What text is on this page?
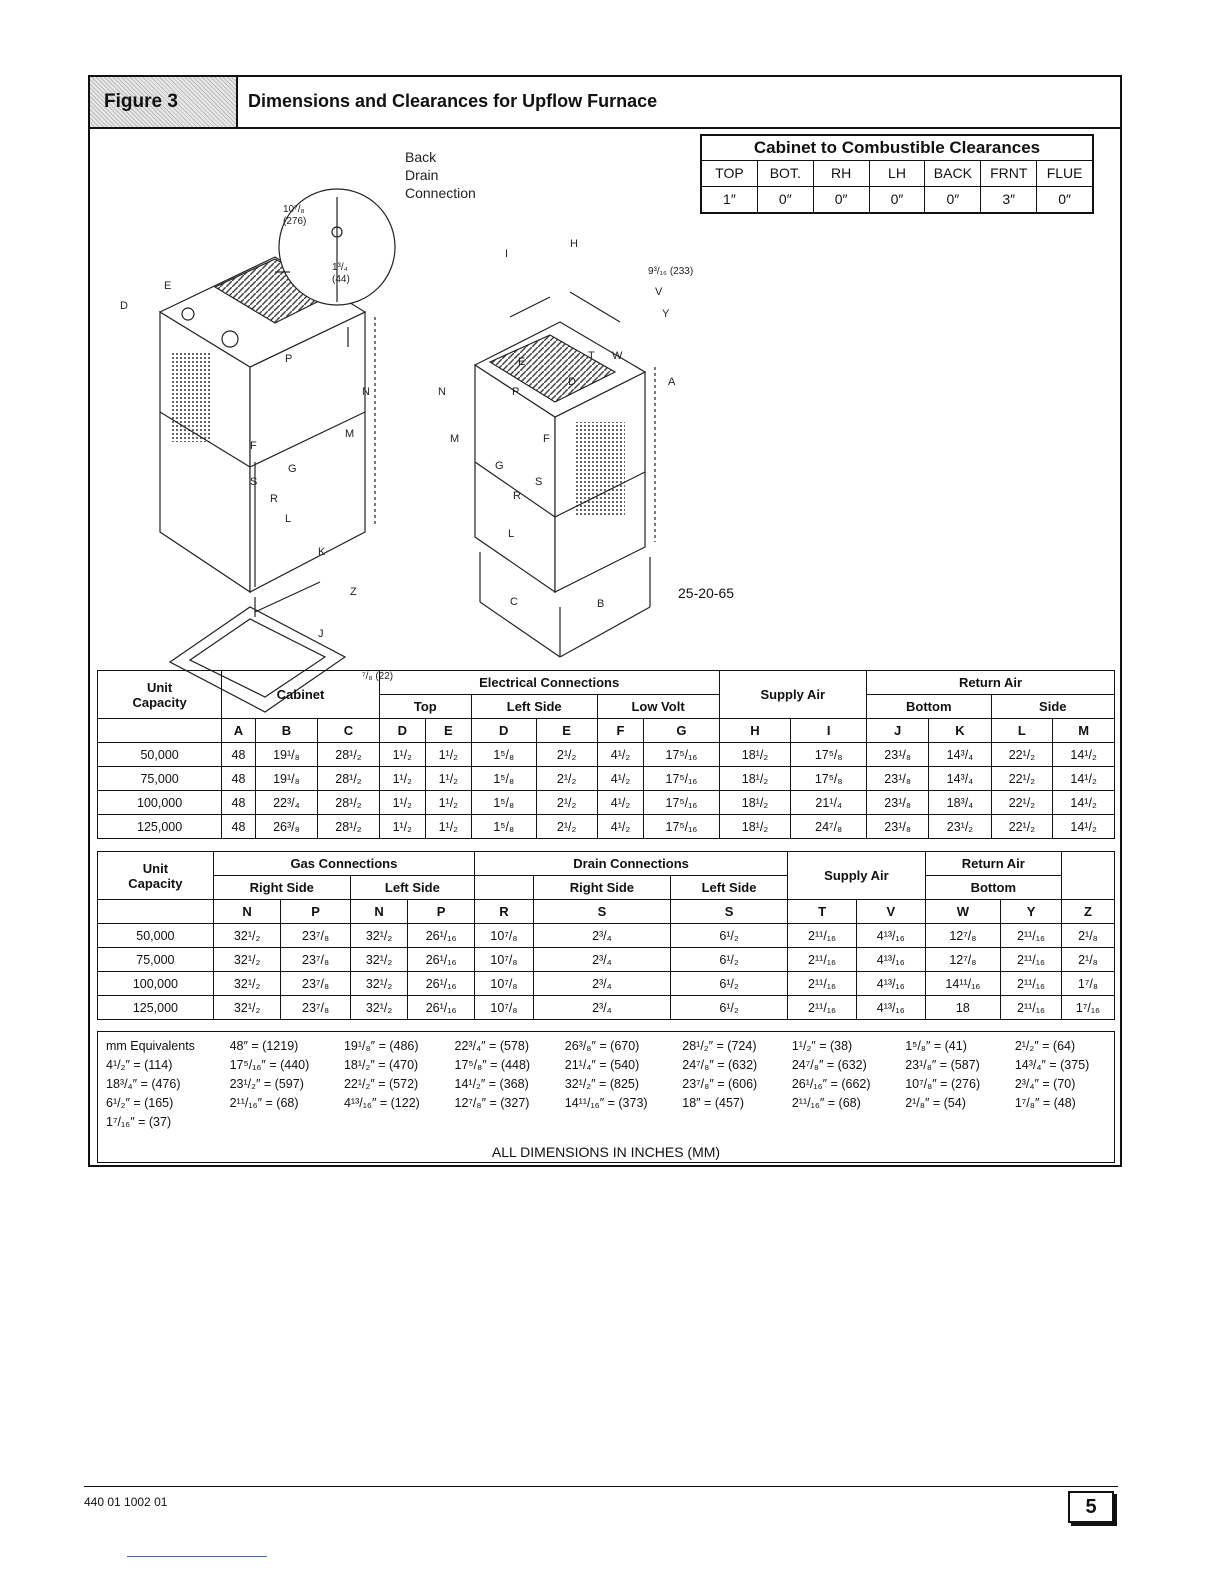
Figure 3	Dimensions and Clearances for Upflow Furnace
Cabinet to Combustible Clearances
TOP	BOT.	RH	LH	BACK	FRNT	FLUE
1″	0″	0″	0″	0″	3″	0″
Back
Drain
Connection
10⁷/₈
(276)
1³/₄
(44)
9³/₁₆ (233)
⁷/₈ (22)
E
D
P
N
M
F
G
S
R
L
K
Z
J
I
H
V
Y
T W
E
D	A
N	P
M	F
G
S
R
L
C	B
25-20-65
Unit
Capacity	Cabinet			Electrical Connections						Supply Air		Return Air			
				Top		Left Side		Low Volt				Bottom		Side	
	A	B	C	D	E	D	E	F	G	H	I	J	K	L	M
50,000	48	19¹/₈	28¹/₂	1¹/₂	1¹/₂	1⁵/₈	2¹/₂	4¹/₂	17⁵/₁₆	18¹/₂	17⁵/₈	23¹/₈	14³/₄	22¹/₂	14¹/₂
75,000	48	19¹/₈	28¹/₂	1¹/₂	1¹/₂	1⁵/₈	2¹/₂	4¹/₂	17⁵/₁₆	18¹/₂	17⁵/₈	23¹/₈	14³/₄	22¹/₂	14¹/₂
100,000	48	22³/₄	28¹/₂	1¹/₂	1¹/₂	1⁵/₈	2¹/₂	4¹/₂	17⁵/₁₆	18¹/₂	21¹/₄	23¹/₈	18³/₄	22¹/₂	14¹/₂
125,000	48	26³/₈	28¹/₂	1¹/₂	1¹/₂	1⁵/₈	2¹/₂	4¹/₂	17⁵/₁₆	18¹/₂	24⁷/₈	23¹/₈	23¹/₂	22¹/₂	14¹/₂
Unit
Capacity	Gas Connections				Drain Connections			Supply Air		Return Air		
	Right Side		Left Side			Right Side	Left Side			Bottom		
	N	P	N	P	R	S	S	T	V	W	Y	Z
50,000	32¹/₂	23⁷/₈	32¹/₂	26¹/₁₆	10⁷/₈	2³/₄	6¹/₂	2¹¹/₁₆	4¹³/₁₆	12⁷/₈	2¹¹/₁₆	2¹/₈
75,000	32¹/₂	23⁷/₈	32¹/₂	26¹/₁₆	10⁷/₈	2³/₄	6¹/₂	2¹¹/₁₆	4¹³/₁₆	12⁷/₈	2¹¹/₁₆	2¹/₈
100,000	32¹/₂	23⁷/₈	32¹/₂	26¹/₁₆	10⁷/₈	2³/₄	6¹/₂	2¹¹/₁₆	4¹³/₁₆	14¹¹/₁₆	2¹¹/₁₆	1⁷/₈
125,000	32¹/₂	23⁷/₈	32¹/₂	26¹/₁₆	10⁷/₈	2³/₄	6¹/₂	2¹¹/₁₆	4¹³/₁₆	18	2¹¹/₁₆	1⁷/₁₆
mm Equivalents	48″ = (1219)	19¹/₈″ = (486)	22³/₄″ = (578)	26³/₈″ = (670)	28¹/₂″ = (724)	1¹/₂″ = (38)	1⁵/₈″ = (41)	2¹/₂″ = (64)
4¹/₂″ = (114)	17⁵/₁₆″ = (440)	18¹/₂″ = (470)	17⁵/₈″ = (448)	21¹/₄″ = (540)	24⁷/₈″ = (632)	24⁷/₈″ = (632)	23¹/₈″ = (587)	14³/₄″ = (375)
18³/₄″ = (476)	23¹/₂″ = (597)	22¹/₂″ = (572)	14¹/₂″ = (368)	32¹/₂″ = (825)	23⁷/₈″ = (606)	26¹/₁₆″ = (662)	10⁷/₈″ = (276)	2³/₄″ = (70)
6¹/₂″ = (165)	2¹¹/₁₆″ = (68)	4¹³/₁₆″ = (122)	12⁷/₈″ = (327)	14¹¹/₁₆″ = (373)	18″ = (457)	2¹¹/₁₆″ = (68)	2¹/₈″ = (54)	1⁷/₈″ = (48)
1⁷/₁₆″ = (37)
ALL DIMENSIONS IN INCHES (MM)
440 01 1002 01	5
